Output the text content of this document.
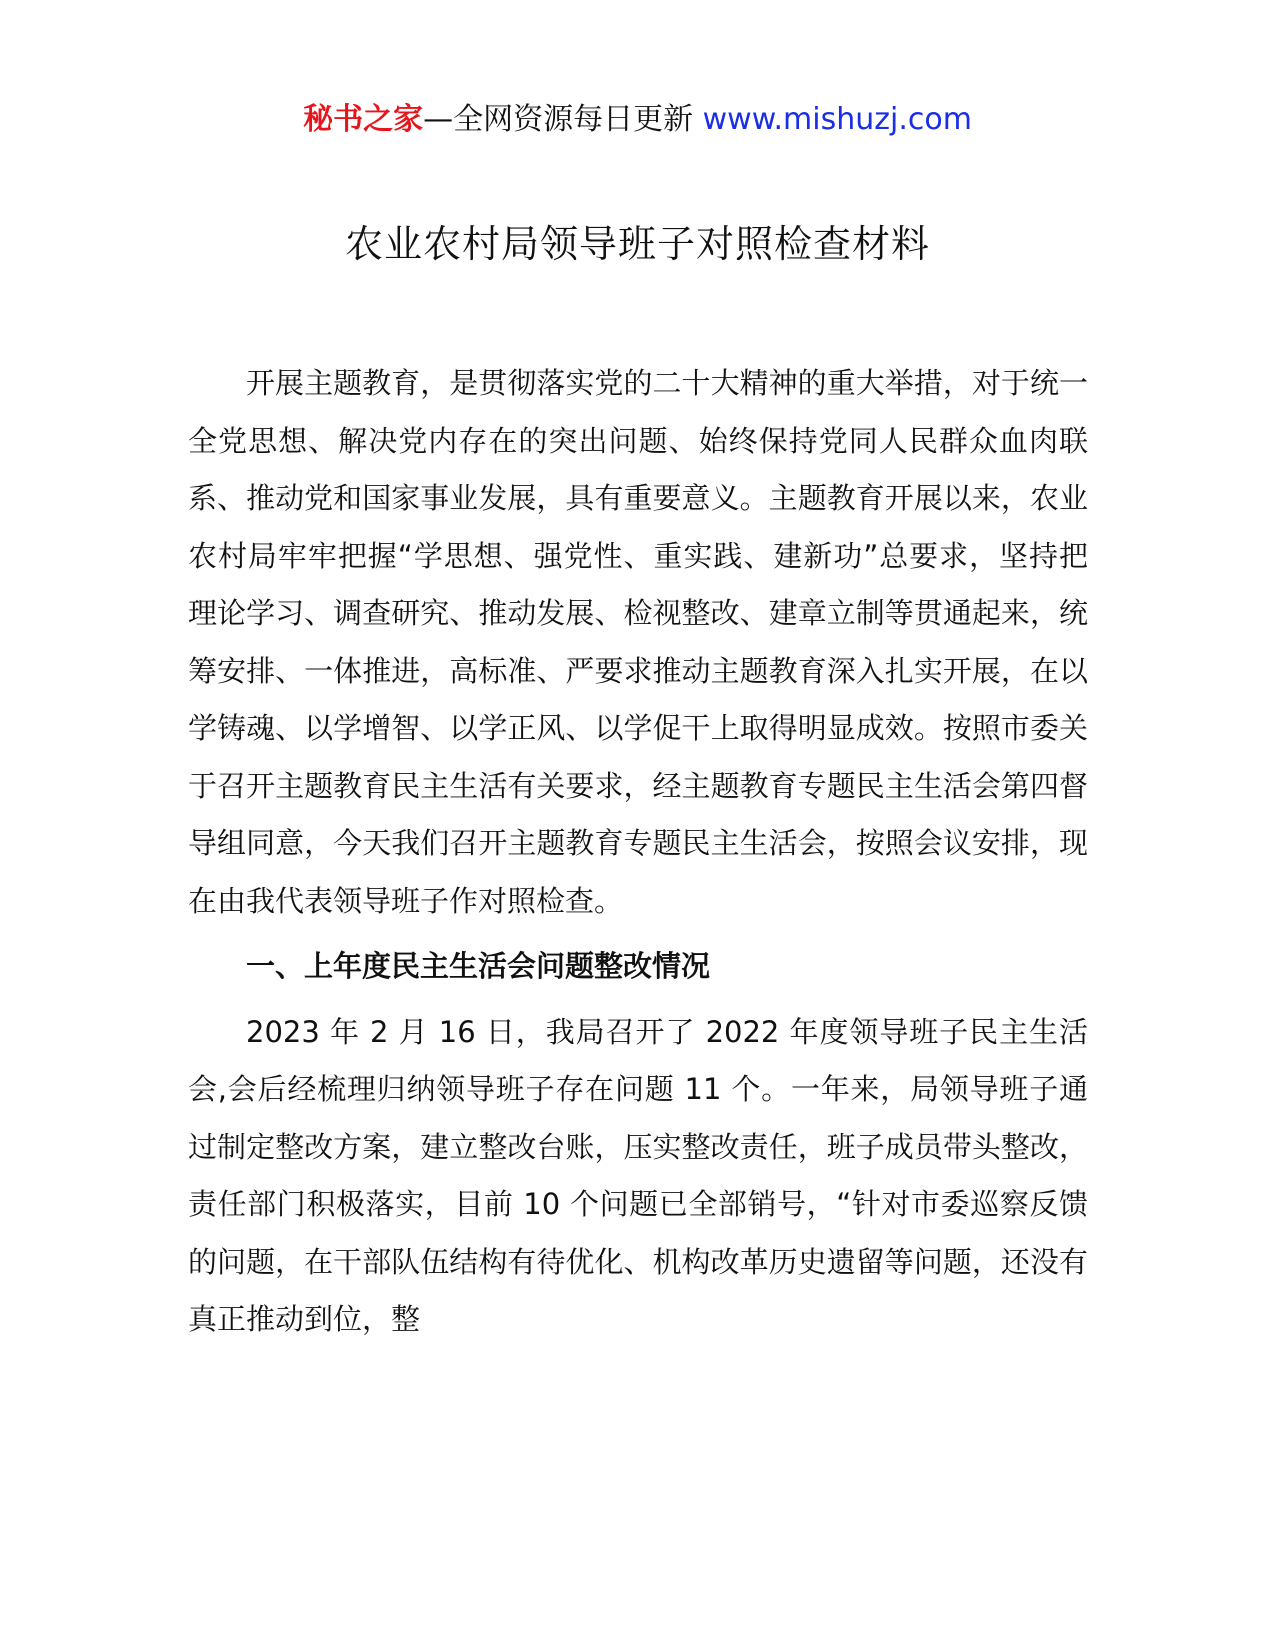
秘书之家—全网资源每日更新 www.mishuzj.com
农业农村局领导班子对照检查材料

开展主题教育，是贯彻落实党的二十大精神的重大举措，对于统一全党思想、解决党内存在的突出问题、始终保持党同人民群众血肉联系、推动党和国家事业发展，具有重要意义。主题教育开展以来，农业农村局牢牢把握“学思想、强党性、重实践、建新功”总要求，坚持把理论学习、调查研究、推动发展、检视整改、建章立制等贯通起来，统筹安排、一体推进，高标准、严要求推动主题教育深入扎实开展，在以学铸魂、以学增智、以学正风、以学促干上取得明显成效。按照市委关于召开主题教育民主生活有关要求，经主题教育专题民主生活会第四督导组同意，今天我们召开主题教育专题民主生活会，按照会议安排，现在由我代表领导班子作对照检查。

一、上年度民主生活会问题整改情况

2023 年 2 月 16 日，我局召开了 2022 年度领导班子民主生活会,会后经梳理归纳领导班子存在问题 11 个。一年来，局领导班子通过制定整改方案，建立整改台账，压实整改责任，班子成员带头整改，责任部门积极落实，目前 10 个问题已全部销号，“针对市委巡察反馈的问题，在干部队伍结构有待优化、机构改革历史遗留等问题，还没有真正推动到位，整
